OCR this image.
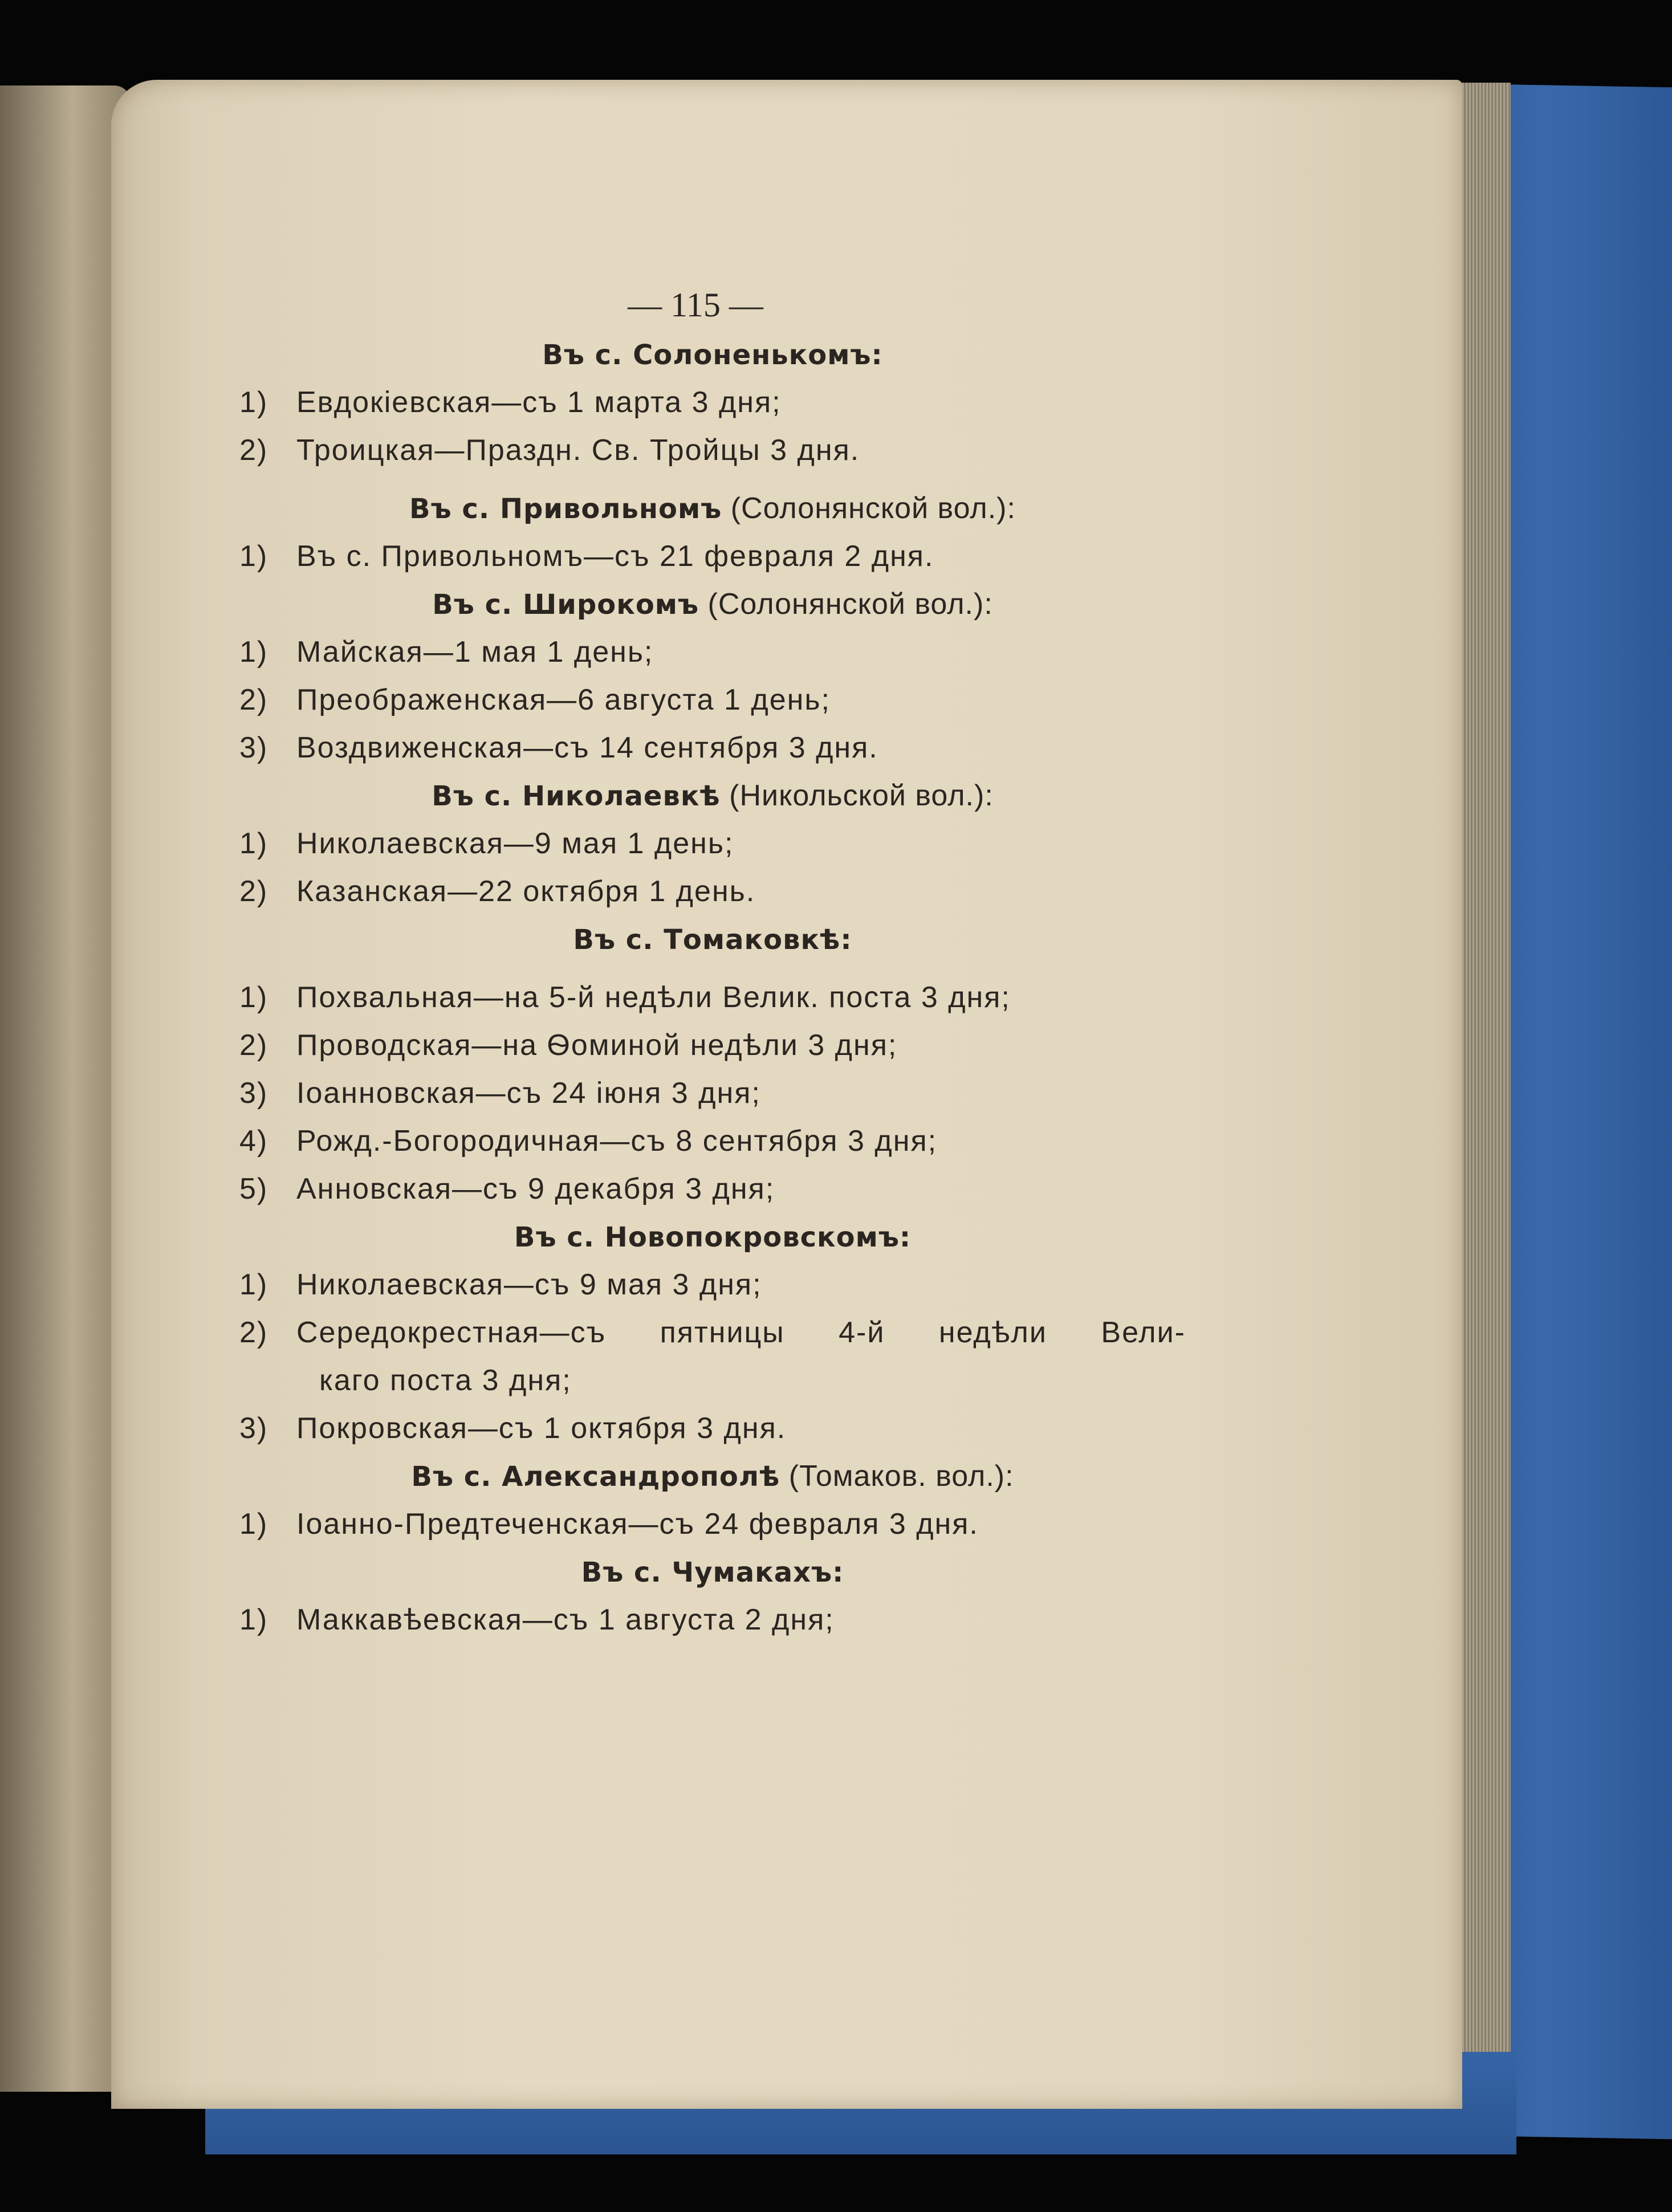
— 115 —
Въ с. Солоненькомъ:
1) Евдокіевская—съ 1 марта 3 дня;
2) Троицкая—Праздн. Св. Тройцы 3 дня.
Въ с. Привольномъ (Солонянской вол.):
1) Въ с. Привольномъ—съ 21 февраля 2 дня.
Въ с. Широкомъ (Солонянской вол.):
1) Майская—1 мая 1 день;
2) Преображенская—6 августа 1 день;
3) Воздвиженская—съ 14 сентября 3 дня.
Въ с. Николаевкѣ (Никольской вол.):
1) Николаевская—9 мая 1 день;
2) Казанская—22 октября 1 день.
Въ с. Томаковкѣ:
1) Похвальная—на 5-й недѣли Велик. поста 3 дня;
2) Проводская—на Ѳоминой недѣли 3 дня;
3) Іоанновская—съ 24 іюня 3 дня;
4) Рожд.-Богородичная—съ 8 сентября 3 дня;
5) Анновская—съ 9 декабря 3 дня;
Въ с. Новопокровскомъ:
1) Николаевская—съ 9 мая 3 дня;
2) Середокрестная—съ пятницы 4-й недѣли Вели-
каго поста 3 дня;
3) Покровская—съ 1 октября 3 дня.
Въ с. Александрополѣ (Томаков. вол.):
1) Іоанно-Предтеченская—съ 24 февраля 3 дня.
Въ с. Чумакахъ:
1) Маккавѣевская—съ 1 августа 2 дня;
